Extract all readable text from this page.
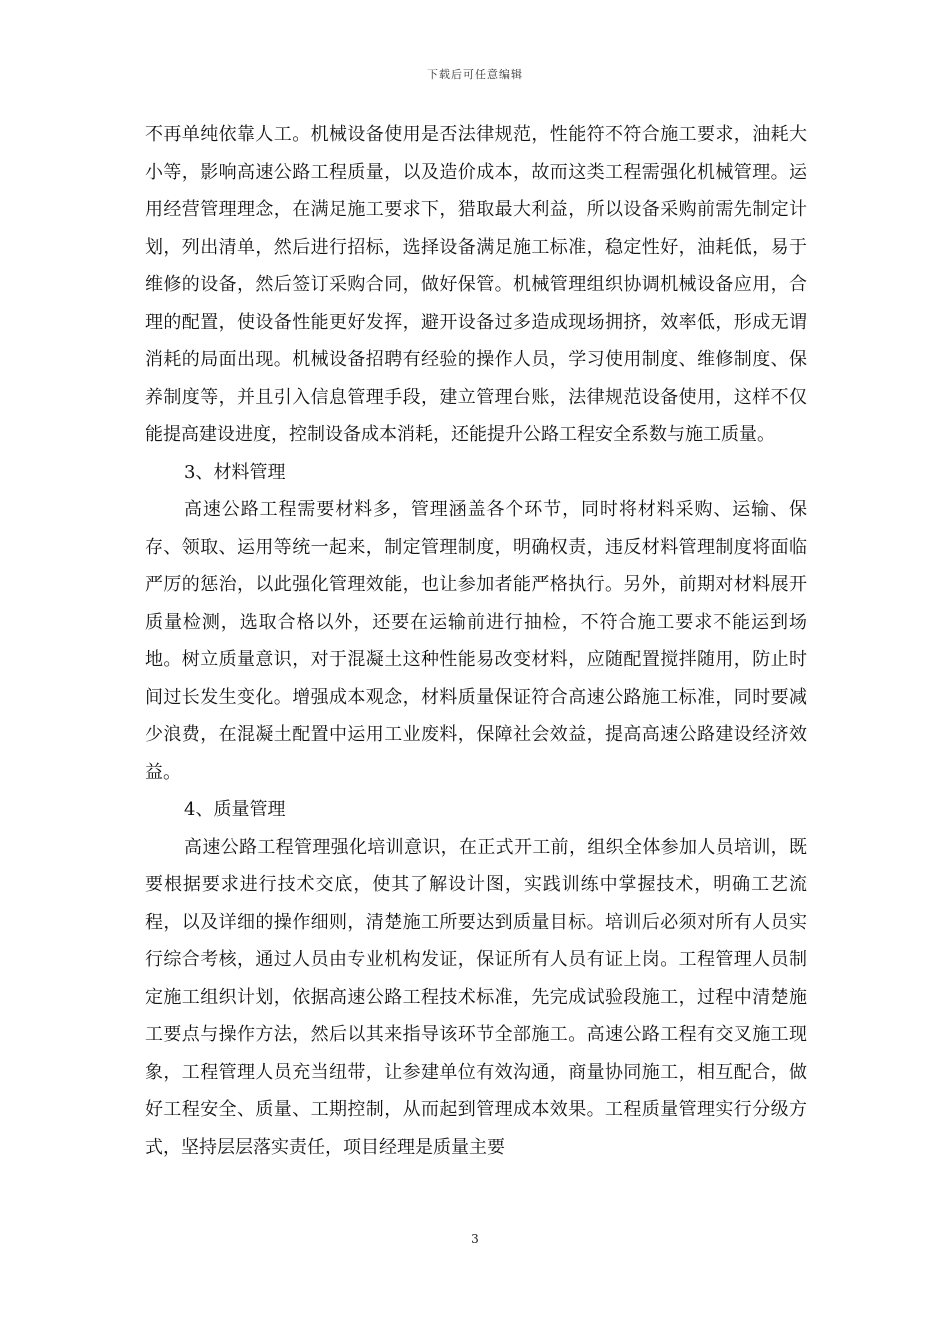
下载后可任意编辑

不再单纯依靠人工。机械设备使用是否法律规范，性能符不符合施工要求，油耗大小等，影响高速公路工程质量，以及造价成本，故而这类工程需强化机械管理。运用经营管理理念，在满足施工要求下，猎取最大利益，所以设备采购前需先制定计划，列出清单，然后进行招标，选择设备满足施工标准，稳定性好，油耗低，易于维修的设备，然后签订采购合同，做好保管。机械管理组织协调机械设备应用，合理的配置，使设备性能更好发挥，避开设备过多造成现场拥挤，效率低，形成无谓消耗的局面出现。机械设备招聘有经验的操作人员，学习使用制度、维修制度、保养制度等，并且引入信息管理手段，建立管理台账，法律规范设备使用，这样不仅能提高建设进度，控制设备成本消耗，还能提升公路工程安全系数与施工质量。

3、材料管理

高速公路工程需要材料多，管理涵盖各个环节，同时将材料采购、运输、保存、领取、运用等统一起来，制定管理制度，明确权责，违反材料管理制度将面临严厉的惩治，以此强化管理效能，也让参加者能严格执行。另外，前期对材料展开质量检测，选取合格以外，还要在运输前进行抽检，不符合施工要求不能运到场地。树立质量意识，对于混凝土这种性能易改变材料，应随配置搅拌随用，防止时间过长发生变化。增强成本观念，材料质量保证符合高速公路施工标准，同时要减少浪费，在混凝土配置中运用工业废料，保障社会效益，提高高速公路建设经济效益。

4、质量管理

高速公路工程管理强化培训意识，在正式开工前，组织全体参加人员培训，既要根据要求进行技术交底，使其了解设计图，实践训练中掌握技术，明确工艺流程，以及详细的操作细则，清楚施工所要达到质量目标。培训后必须对所有人员实行综合考核，通过人员由专业机构发证，保证所有人员有证上岗。工程管理人员制定施工组织计划，依据高速公路工程技术标准，先完成试验段施工，过程中清楚施工要点与操作方法，然后以其来指导该环节全部施工。高速公路工程有交叉施工现象，工程管理人员充当纽带，让参建单位有效沟通，商量协同施工，相互配合，做好工程安全、质量、工期控制，从而起到管理成本效果。工程质量管理实行分级方式，坚持层层落实责任，项目经理是质量主要

3
